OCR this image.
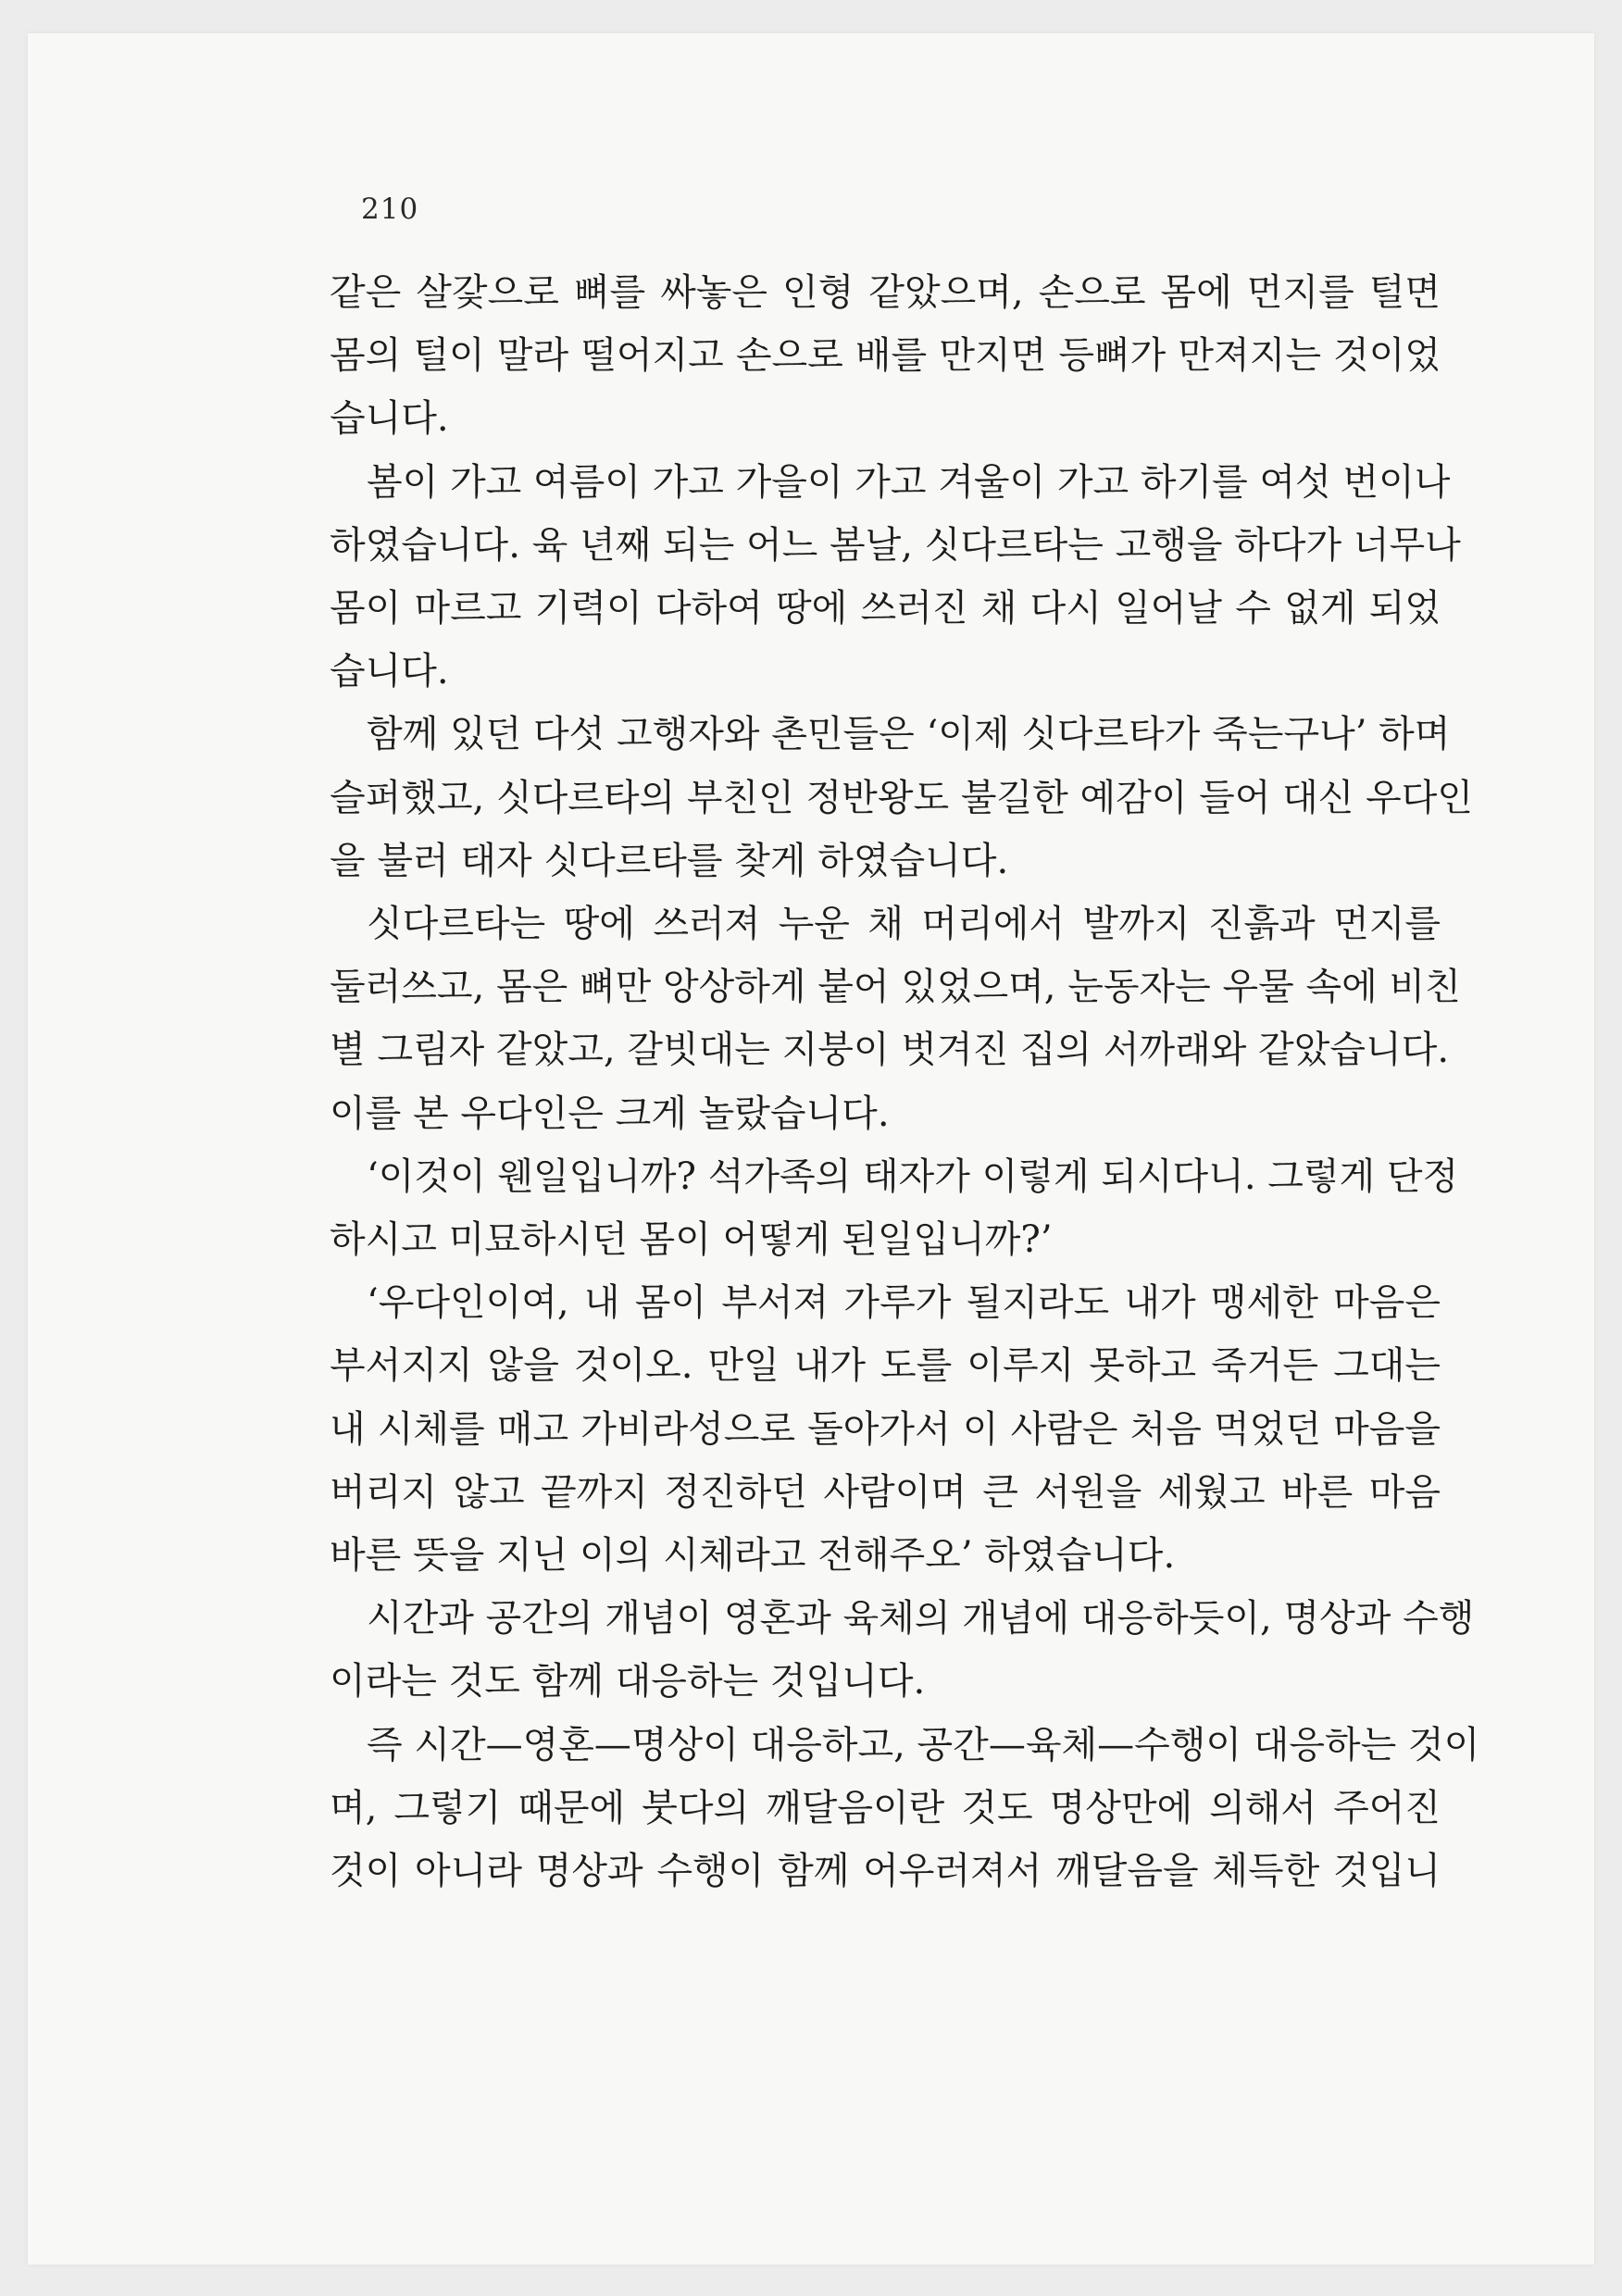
210
같은 살갗으로 뼈를 싸놓은 인형 같았으며, 손으로 몸에 먼지를 털면
몸의 털이 말라 떨어지고 손으로 배를 만지면 등뼈가 만져지는 것이었
습니다.
봄이 가고 여름이 가고 가을이 가고 겨울이 가고 하기를 여섯 번이나
하였습니다. 육 년째 되는 어느 봄날, 싯다르타는 고행을 하다가 너무나
몸이 마르고 기력이 다하여 땅에 쓰러진 채 다시 일어날 수 없게 되었
습니다.
함께 있던 다섯 고행자와 촌민들은 ‘이제 싯다르타가 죽는구나’ 하며
슬퍼했고, 싯다르타의 부친인 정반왕도 불길한 예감이 들어 대신 우다인
을 불러 태자 싯다르타를 찾게 하였습니다.
싯다르타는 땅에 쓰러져 누운 채 머리에서 발까지 진흙과 먼지를
둘러쓰고, 몸은 뼈만 앙상하게 붙어 있었으며, 눈동자는 우물 속에 비친
별 그림자 같았고, 갈빗대는 지붕이 벗겨진 집의 서까래와 같았습니다.
이를 본 우다인은 크게 놀랐습니다.
‘이것이 웬일입니까? 석가족의 태자가 이렇게 되시다니. 그렇게 단정
하시고 미묘하시던 몸이 어떻게 된일입니까?’
‘우다인이여, 내 몸이 부서져 가루가 될지라도 내가 맹세한 마음은
부서지지 않을 것이오. 만일 내가 도를 이루지 못하고 죽거든 그대는
내 시체를 매고 가비라성으로 돌아가서 이 사람은 처음 먹었던 마음을
버리지 않고 끝까지 정진하던 사람이며 큰 서원을 세웠고 바른 마음
바른 뜻을 지닌 이의 시체라고 전해주오’ 하였습니다.
시간과 공간의 개념이 영혼과 육체의 개념에 대응하듯이, 명상과 수행
이라는 것도 함께 대응하는 것입니다.
즉 시간—영혼—명상이 대응하고, 공간—육체—수행이 대응하는 것이
며, 그렇기 때문에 붓다의 깨달음이란 것도 명상만에 의해서 주어진
것이 아니라 명상과 수행이 함께 어우러져서 깨달음을 체득한 것입니
